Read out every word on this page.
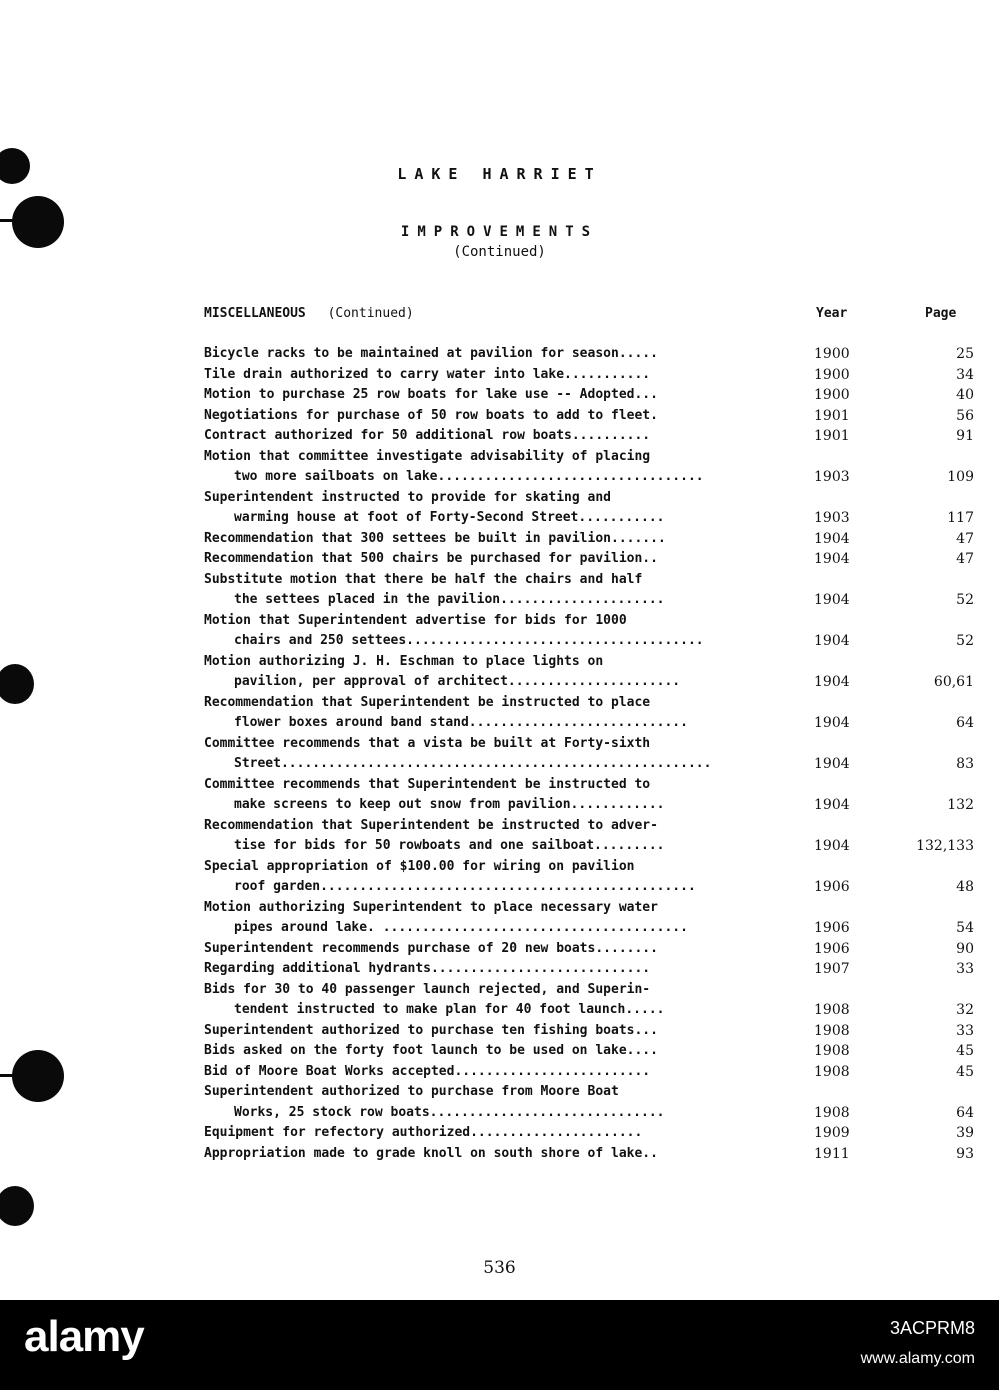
LAKE HARRIET
IMPROVEMENTS
(Continued)
MISCELLANEOUS (Continued)	Year	Page
Bicycle racks to be maintained at pavilion for season.....	1900	25
Tile drain authorized to carry water into lake...........	1900	34
Motion to purchase 25 row boats for lake use -- Adopted...	1900	40
Negotiations for purchase of 50 row boats to add to fleet.	1901	56
Contract authorized for 50 additional row boats..........	1901	91
Motion that committee investigate advisability of placing
two more sailboats on lake..................................	1903	109
Superintendent instructed to provide for skating and
warming house at foot of Forty-Second Street...........	1903	117
Recommendation that 300 settees be built in pavilion.......	1904	47
Recommendation that 500 chairs be purchased for pavilion..	1904	47
Substitute motion that there be half the chairs and half
the settees placed in the pavilion.....................	1904	52
Motion that Superintendent advertise for bids for 1000
chairs and 250 settees......................................	1904	52
Motion authorizing J. H. Eschman to place lights on
pavilion, per approval of architect......................	1904	60,61
Recommendation that Superintendent be instructed to place
flower boxes around band stand............................	1904	64
Committee recommends that a vista be built at Forty-sixth
Street.......................................................	1904	83
Committee recommends that Superintendent be instructed to
make screens to keep out snow from pavilion............	1904	132
Recommendation that Superintendent be instructed to adver-
tise for bids for 50 rowboats and one sailboat.........	1904	132,133
Special appropriation of $100.00 for wiring on pavilion
roof garden................................................	1906	48
Motion authorizing Superintendent to place necessary water
pipes around lake. .......................................	1906	54
Superintendent recommends purchase of 20 new boats........	1906	90
Regarding additional hydrants............................	1907	33
Bids for 30 to 40 passenger launch rejected, and Superin-
tendent instructed to make plan for 40 foot launch.....	1908	32
Superintendent authorized to purchase ten fishing boats...	1908	33
Bids asked on the forty foot launch to be used on lake....	1908	45
Bid of Moore Boat Works accepted.........................	1908	45
Superintendent authorized to purchase from Moore Boat
Works, 25 stock row boats..............................	1908	64
Equipment for refectory authorized......................	1909	39
Appropriation made to grade knoll on south shore of lake..	1911	93
536
alamy	3ACPRM8
www.alamy.com
